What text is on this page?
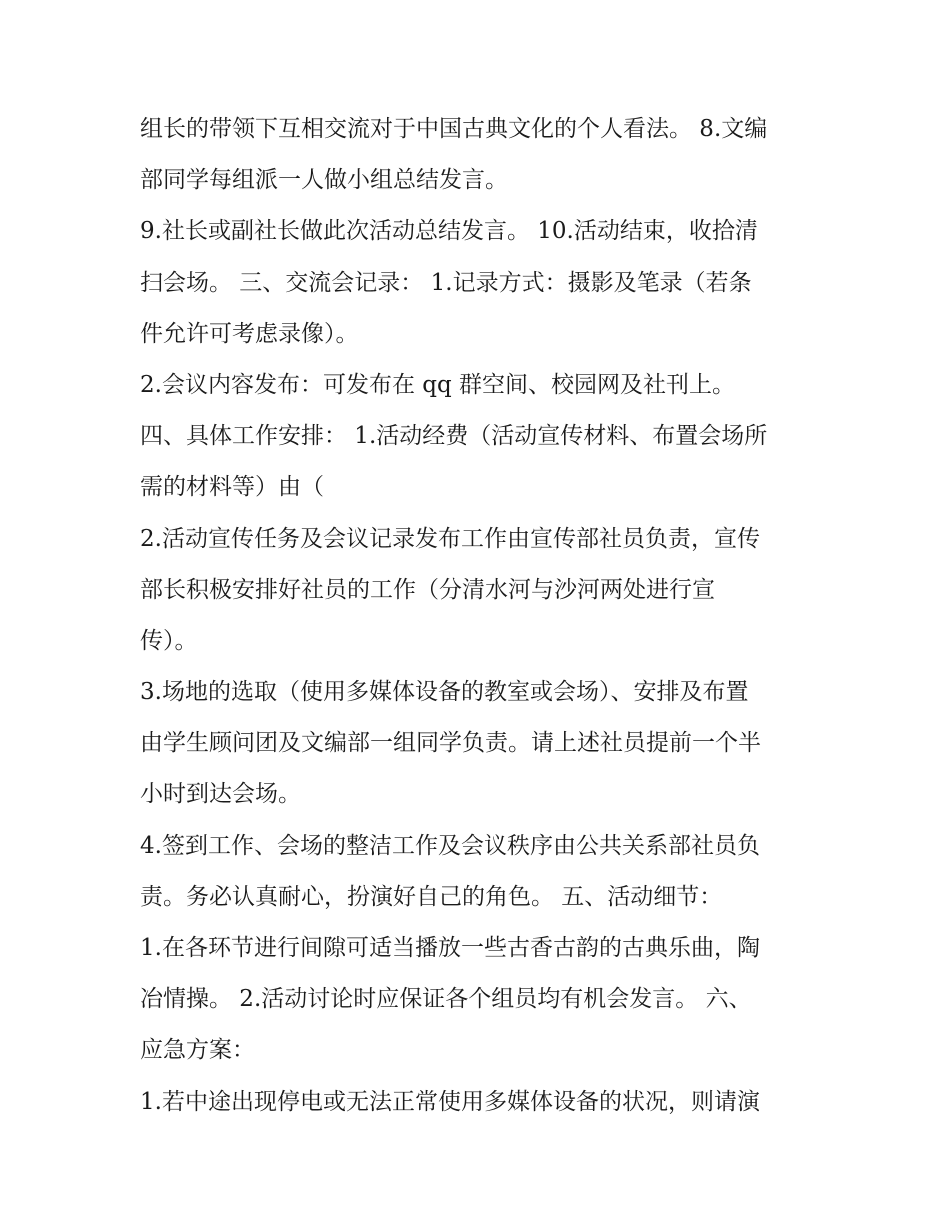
组长的带领下互相交流对于中国古典文化的个人看法。 8.文编
部同学每组派一人做小组总结发言。
9.社长或副社长做此次活动总结发言。 10.活动结束，收拾清
扫会场。 三、交流会记录： 1.记录方式：摄影及笔录（若条
件允许可考虑录像）。
2.会议内容发布：可发布在 qq 群空间、校园网及社刊上。
四、具体工作安排： 1.活动经费（活动宣传材料、布置会场所
需的材料等）由（
2.活动宣传任务及会议记录发布工作由宣传部社员负责，宣传
部长积极安排好社员的工作（分清水河与沙河两处进行宣
传）。
3.场地的选取（使用多媒体设备的教室或会场）、安排及布置
由学生顾问团及文编部一组同学负责。请上述社员提前一个半
小时到达会场。
4.签到工作、会场的整洁工作及会议秩序由公共关系部社员负
责。务必认真耐心，扮演好自己的角色。 五、活动细节：
1.在各环节进行间隙可适当播放一些古香古韵的古典乐曲，陶
冶情操。 2.活动讨论时应保证各个组员均有机会发言。 六、
应急方案：
1.若中途出现停电或无法正常使用多媒体设备的状况，则请演
